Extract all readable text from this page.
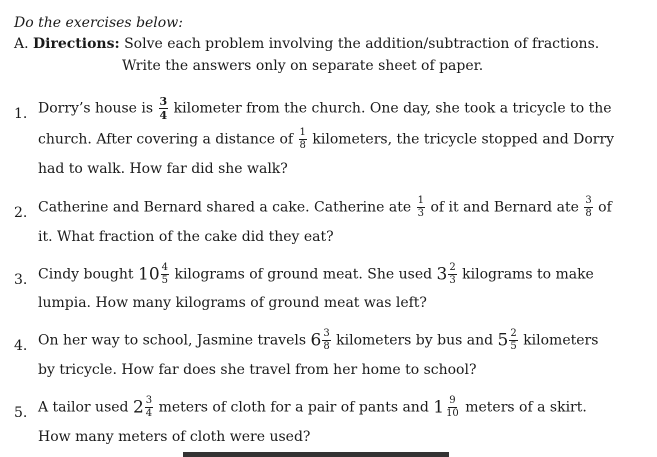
Do the exercises below:
A. Directions: Solve each problem involving the addition/subtraction of fractions.
Write the answers only on separate sheet of paper.
1. Dorry’s house is $\frac{3}{4}$ kilometer from the church. One day, she took a tricycle to the
church. After covering a distance of $\frac{1}{8}$ kilometers, the tricycle stopped and Dorry
had to walk. How far did she walk?
2. Catherine and Bernard shared a cake. Catherine ate $\frac{1}{3}$ of it and Bernard ate $\frac{3}{8}$ of
it. What fraction of the cake did they eat?
3. Cindy bought $10 \frac{4}{5}$ kilograms of ground meat. She used $3 \frac{2}{3}$ kilograms to make
lumpia. How many kilograms of ground meat was left?
4. On her way to school, Jasmine travels $6 \frac{3}{8}$ kilometers by bus and $5 \frac{2}{5}$ kilometers
by tricycle. How far does she travel from her home to school?
5. A tailor used $2 \frac{3}{4}$ meters of cloth for a pair of pants and $1 \frac{9}{10}$ meters of a skirt.
How many meters of cloth were used?
